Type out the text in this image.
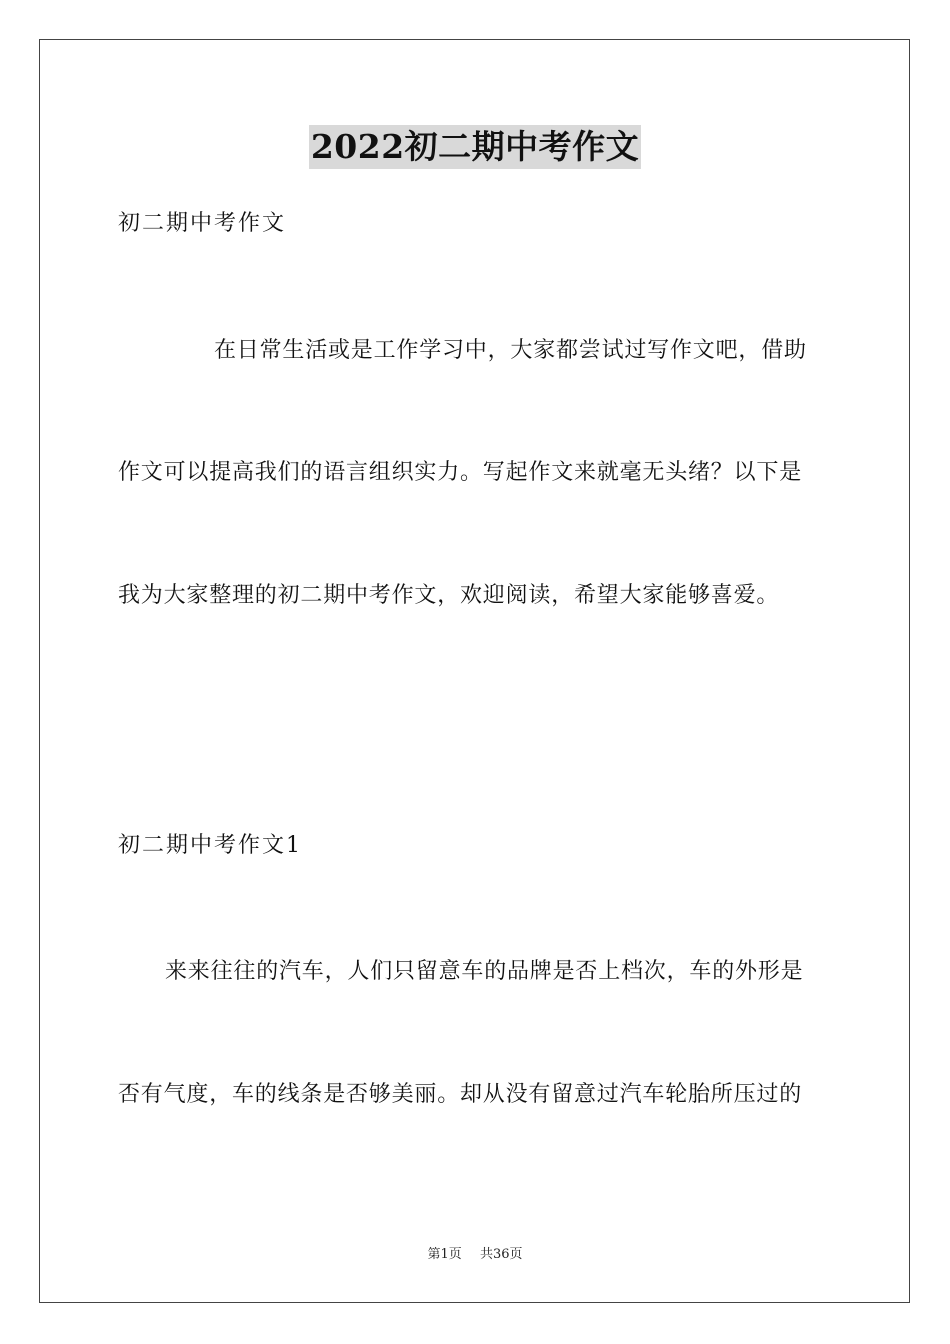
2022初二期中考作文
初二期中考作文
在日常生活或是工作学习中，大家都尝试过写作文吧，借助
作文可以提高我们的语言组织实力。写起作文来就毫无头绪？以下是
我为大家整理的初二期中考作文，欢迎阅读，希望大家能够喜爱。
初二期中考作文1
来来往往的汽车，人们只留意车的品牌是否上档次，车的外形是
否有气度，车的线条是否够美丽。却从没有留意过汽车轮胎所压过的
第1页 共36页
